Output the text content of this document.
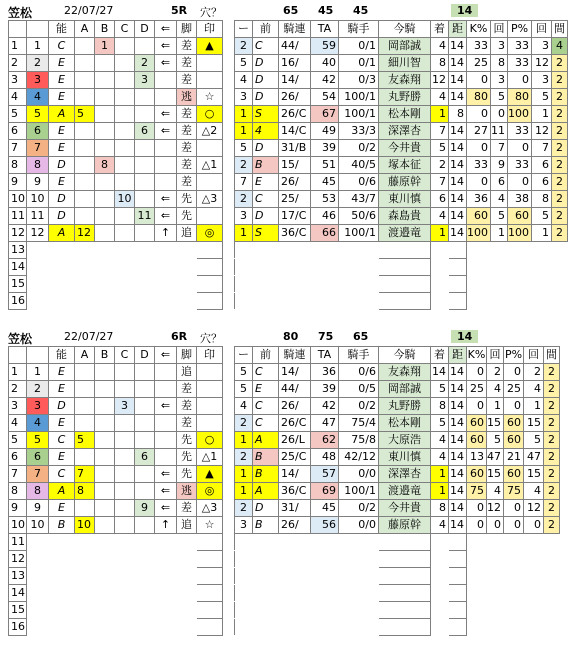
笠松	22/07/27	5R 穴？	65 45 45	14
		能	A	B	C	D	⇐	脚	印		ー	前	騎連	TA	騎手	今騎	着	距	K%	回	P%	回	間
1	1	C		1			⇐	差	▲		2	C	44/	59	0/1	岡部誠	4	14	33	3	33	3	4
2	2	E				2	⇐	差			5	D	16/	40	0/1	細川智	8	14	25	8	33	12	2
3	3	E				3		差			4	D	14/	42	0/3	友森翔	12	14	0	3	0	3	2
4	4	E						逃	☆		3	D	26/	54	100/1	丸野勝	4	14	80	5	80	5	2
5	5	A	5				⇐	差	○		1	S	26/C	67	100/1	松本剛	1	8	0	0	100	1	2
6	6	E				6	⇐	差	△2		1	4	14/C	49	33/3	深澤杏	7	14	27	11	33	12	2
7	7	E						差			5	D	31/B	39	0/2	今井貴	5	14	0	7	0	7	2
8	8	D		8				差	△1		2	B	15/	51	40/5	塚本征	2	14	33	9	33	6	2
9	9	E						差			7	E	26/	45	0/6	藤原幹	7	14	0	6	0	6	2
10	10	D			10		⇐	先	△3		2	C	25/	53	43/7	東川慎	6	14	36	4	38	8	2
11	11	D				11	⇐	先			3	D	17/C	46	50/6	森島貴	4	14	60	5	60	5	2
12	12	A	12				↑	追	◎		1	S	36/C	66	100/1	渡邉竜	1	14	100	1	100	1	2
13																							
14																							
15																							
16																							
笠松	22/07/27	6R 穴？	80 75 65	14
		能	A	B	C	D	⇐	脚	印		ー	前	騎連	TA	騎手	今騎	着	距	K%	回	P%	回	間
1	1	E						追			5	C	14/	36	0/6	友森翔	14	14	0	2	0	2	2
2	2	E						差			5	E	44/	39	0/5	岡部誠	5	14	25	4	25	4	2
3	3	D			3		⇐	差			4	C	26/	42	0/2	丸野勝	8	14	0	1	0	1	2
4	4	E						差			2	C	26/C	47	75/4	松本剛	5	14	60	15	60	15	2
5	5	C	5					先	○		1	A	26/L	62	75/8	大原浩	4	14	60	5	60	5	2
6	6	E				6		先	△1		2	B	25/C	48	42/12	東川慎	4	14	13	47	21	47	2
7	7	C	7				⇐	先	▲		1	B	14/	57	0/0	深澤杏	1	14	60	15	60	15	2
8	8	A	8				⇐	逃	◎		1	A	36/C	69	100/1	渡邉竜	1	14	75	4	75	4	2
9	9	E				9	⇐	差	△3		2	D	31/	45	0/2	今井貴	8	14	0	12	0	12	2
10	10	B	10				↑	追	☆		3	B	26/	56	0/0	藤原幹	4	14	0	0	0	0	2
11																							
12																							
13																							
14																							
15																							
16																							
